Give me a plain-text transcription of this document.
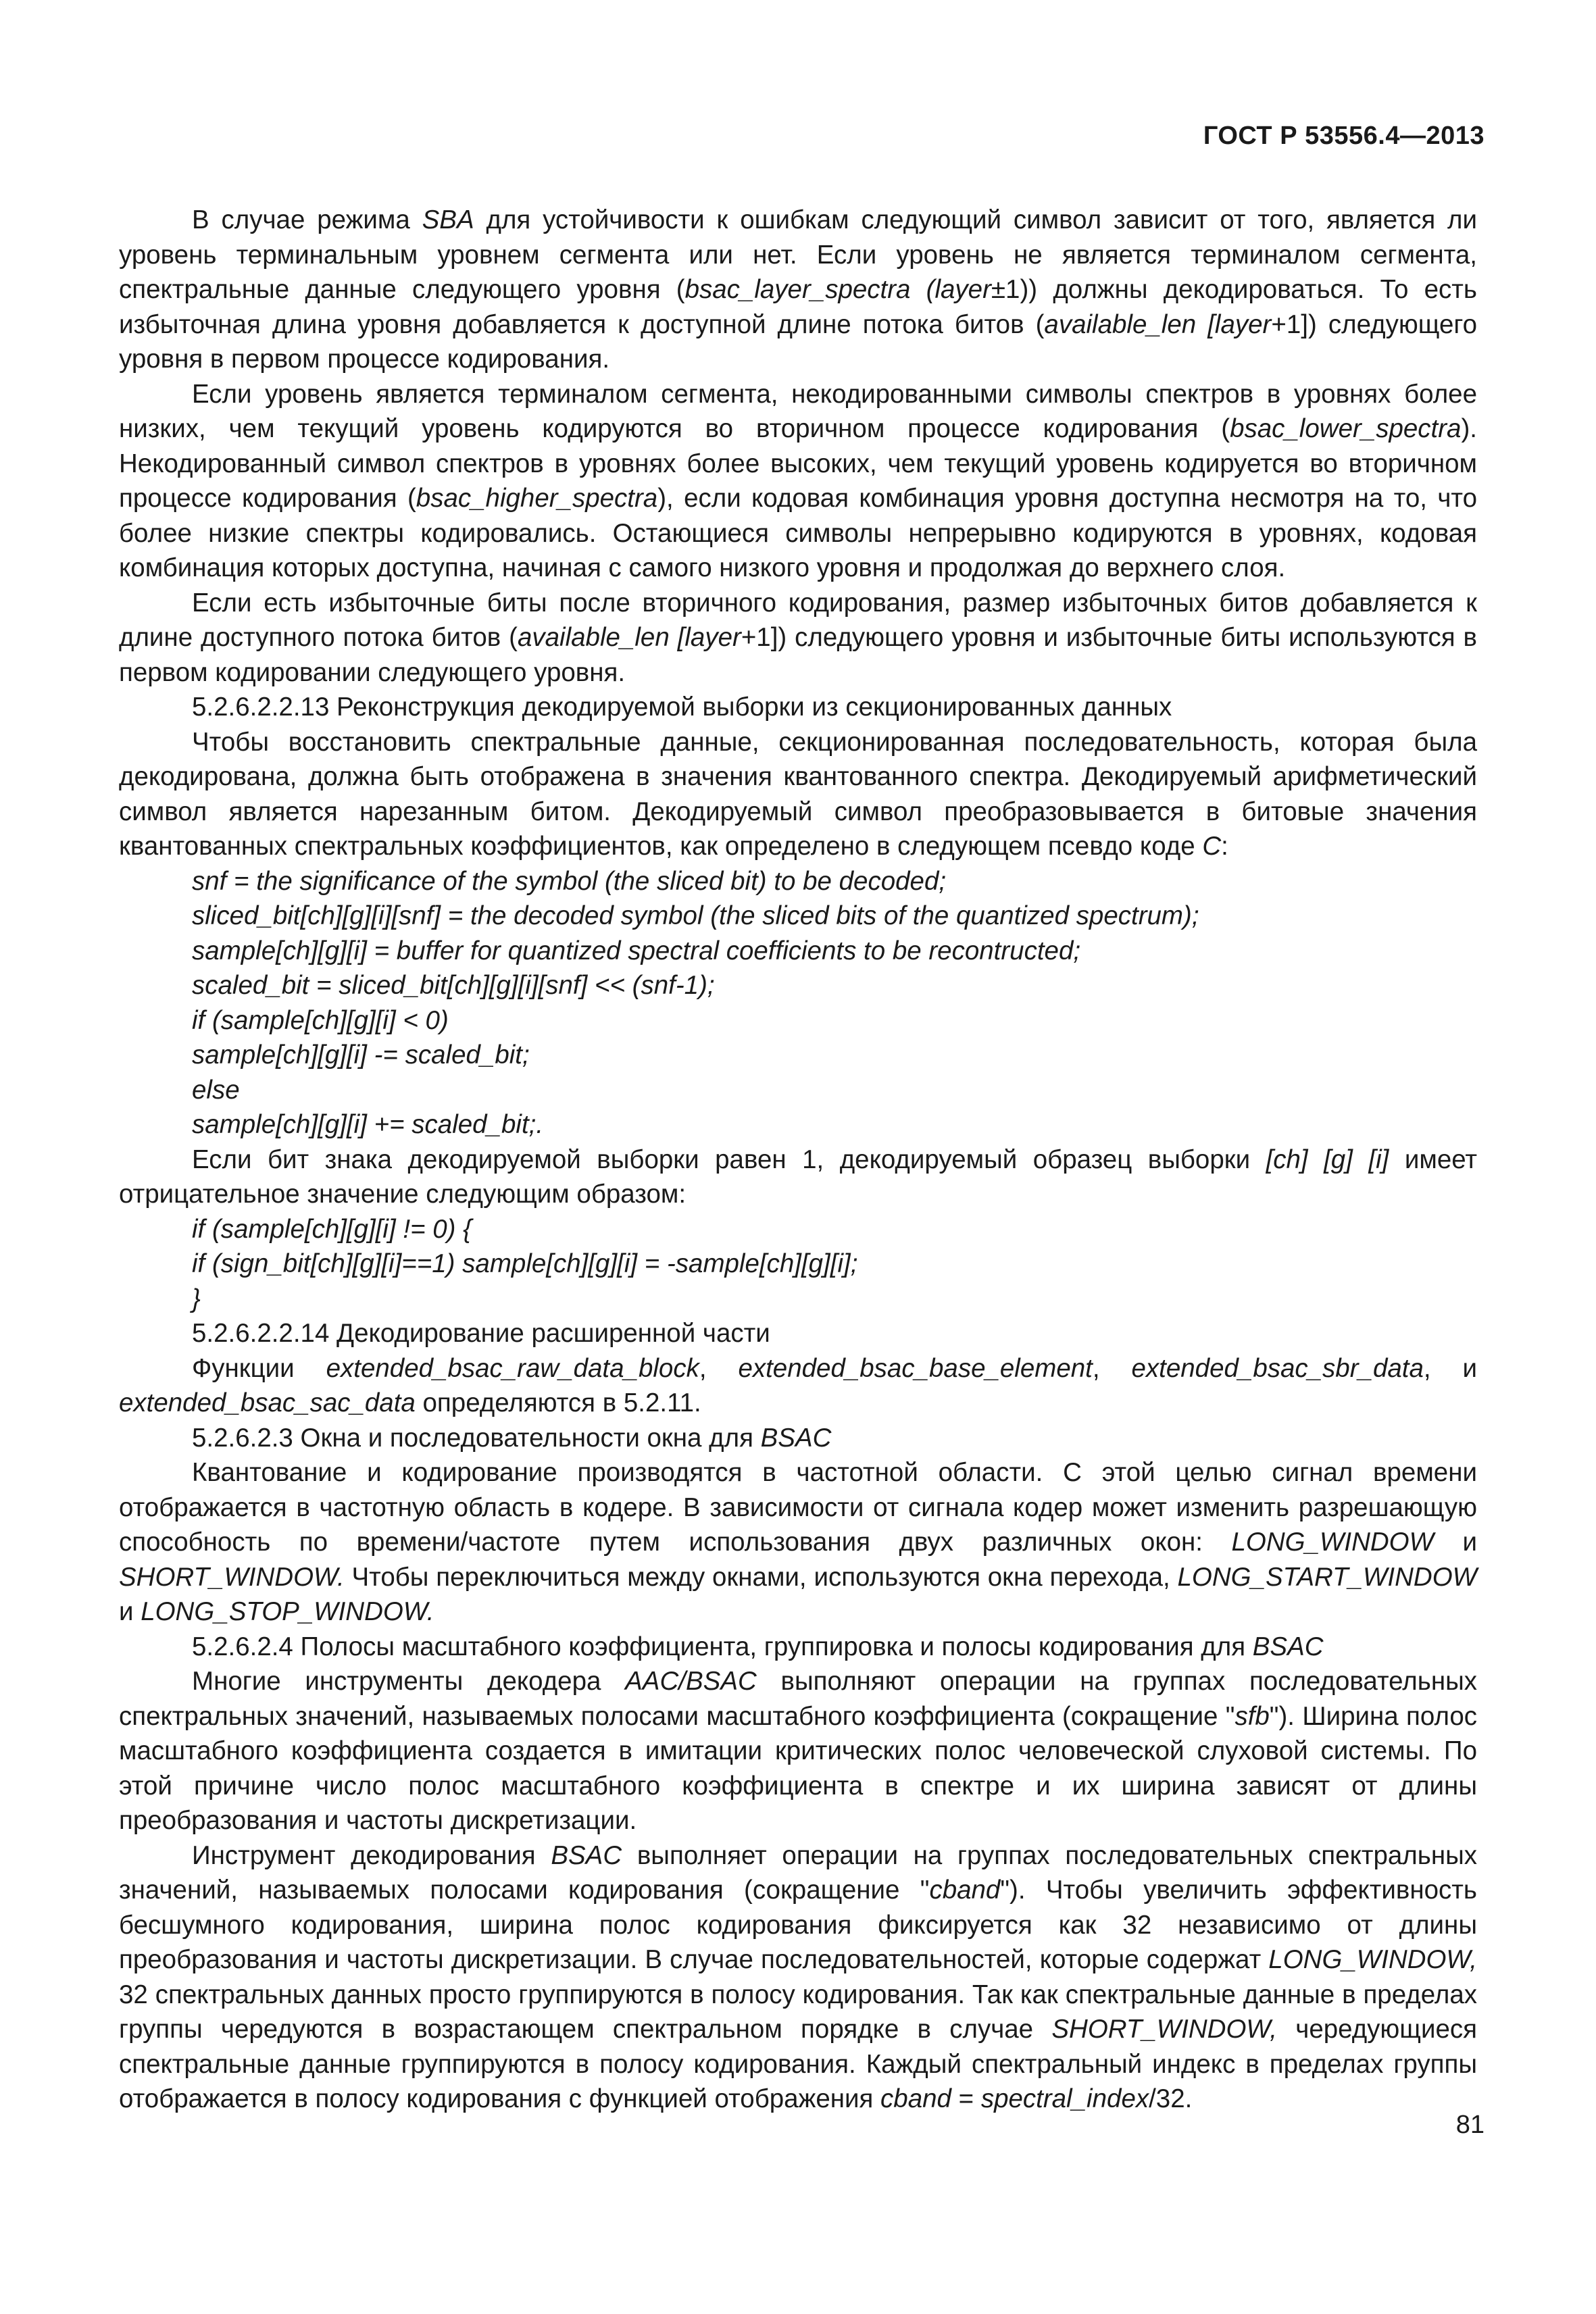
ГОСТ Р 53556.4—2013

В случае режима SBA для устойчивости к ошибкам следующий символ зависит от того, является ли уровень терминальным уровнем сегмента или нет. Если уровень не является терминалом сегмента, спектральные данные следующего уровня (bsac_layer_spectra (layer±1)) должны декодироваться. То есть избыточная длина уровня добавляется к доступной длине потока битов (available_len [layer+1]) следующего уровня в первом процессе кодирования.

Если уровень является терминалом сегмента, некодированными символы спектров в уровнях более низких, чем текущий уровень кодируются во вторичном процессе кодирования (bsac_lower_spectra). Некодированный символ спектров в уровнях более высоких, чем текущий уровень кодируется во вторичном процессе кодирования (bsac_higher_spectra), если кодовая комбинация уровня доступна несмотря на то, что более низкие спектры кодировались. Остающиеся символы непрерывно кодируются в уровнях, кодовая комбинация которых доступна, начиная с самого низкого уровня и продолжая до верхнего слоя.

Если есть избыточные биты после вторичного кодирования, размер избыточных битов добавляется к длине доступного потока битов (available_len [layer+1]) следующего уровня и избыточные биты используются в первом кодировании следующего уровня.

5.2.6.2.2.13 Реконструкция декодируемой выборки из секционированных данных

Чтобы восстановить спектральные данные, секционированная последовательность, которая была декодирована, должна быть отображена в значения квантованного спектра. Декодируемый арифметический символ является нарезанным битом. Декодируемый символ преобразовывается в битовые значения квантованных спектральных коэффициентов, как определено в следующем псевдо коде C:

snf = the significance of the symbol (the sliced bit) to be decoded;

sliced_bit[ch][g][i][snf] = the decoded symbol (the sliced bits of the quantized spectrum);

sample[ch][g][i] = buffer for quantized spectral coefficients to be recontructed;

scaled_bit = sliced_bit[ch][g][i][snf] << (snf-1);

if (sample[ch][g][i] < 0)

sample[ch][g][i] -= scaled_bit;

else

sample[ch][g][i] += scaled_bit;.

Если бит знака декодируемой выборки равен 1, декодируемый образец выборки [ch] [g] [i] имеет отрицательное значение следующим образом:

if (sample[ch][g][i] != 0) {

if (sign_bit[ch][g][i]==1) sample[ch][g][i] = -sample[ch][g][i];

}

5.2.6.2.2.14 Декодирование расширенной части

Функции extended_bsac_raw_data_block, extended_bsac_base_element, extended_bsac_sbr_data, и extended_bsac_sac_data определяются в 5.2.11.

5.2.6.2.3 Окна и последовательности окна для BSAC

Квантование и кодирование производятся в частотной области. С этой целью сигнал времени отображается в частотную область в кодере. В зависимости от сигнала кодер может изменить разрешающую способность по времени/частоте путем использования двух различных окон: LONG_WINDOW и SHORT_WINDOW. Чтобы переключиться между окнами, используются окна перехода, LONG_START_WINDOW и LONG_STOP_WINDOW.

5.2.6.2.4 Полосы масштабного коэффициента, группировка и полосы кодирования для BSAC

Многие инструменты декодера AAC/BSAC выполняют операции на группах последовательных спектральных значений, называемых полосами масштабного коэффициента (сокращение "sfb"). Ширина полос масштабного коэффициента создается в имитации критических полос человеческой слуховой системы. По этой причине число полос масштабного коэффициента в спектре и их ширина зависят от длины преобразования и частоты дискретизации.

Инструмент декодирования BSAC выполняет операции на группах последовательных спектральных значений, называемых полосами кодирования (сокращение "cband"). Чтобы увеличить эффективность бесшумного кодирования, ширина полос кодирования фиксируется как 32 независимо от длины преобразования и частоты дискретизации. В случае последовательностей, которые содержат LONG_WINDOW, 32 спектральных данных просто группируются в полосу кодирования. Так как спектральные данные в пределах группы чередуются в возрастающем спектральном порядке в случае SHORT_WINDOW, чередующиеся спектральные данные группируются в полосу кодирования. Каждый спектральный индекс в пределах группы отображается в полосу кодирования с функцией отображения cband = spectral_index/32.

81
